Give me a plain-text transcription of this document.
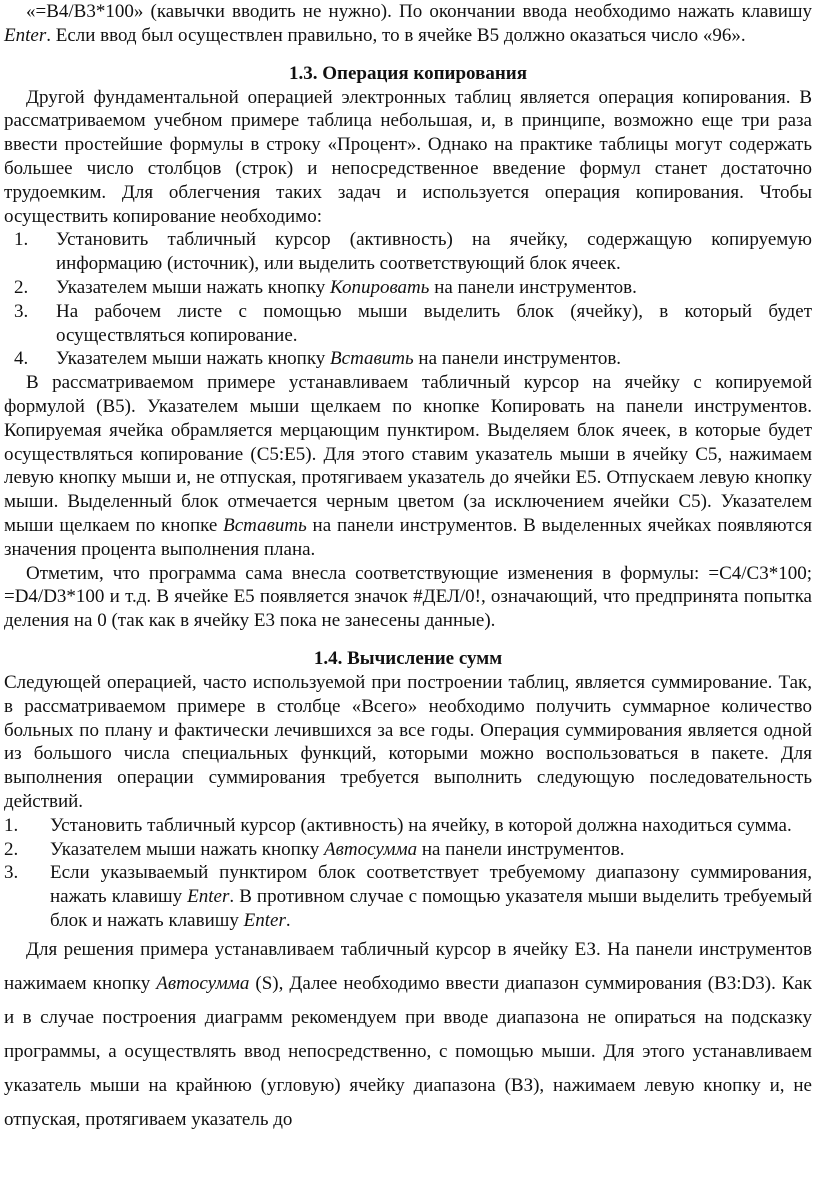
«=B4/B3*100» (кавычки вводить не нужно). По окончании ввода необходимо нажать клавишу Enter. Если ввод был осуществлен правильно, то в ячейке B5 должно оказаться число «96».

1.3. Операция копирования

Другой фундаментальной операцией электронных таблиц является операция копирования. В рассматриваемом учебном примере таблица небольшая, и, в принципе, возможно еще три раза ввести простейшие формулы в строку «Процент». Однако на практике таблицы могут содержать большее число столбцов (строк) и непосредственное введение формул станет достаточно трудоемким. Для облегчения таких задач и используется операция копирования. Чтобы осуществить копирование необходимо:

1. Установить табличный курсор (активность) на ячейку, содержащую копируемую информацию (источник), или выделить соответствующий блок ячеек.
2. Указателем мыши нажать кнопку Копировать на панели инструментов.
3. На рабочем листе с помощью мыши выделить блок (ячейку), в который будет осуществляться копирование.
4. Указателем мыши нажать кнопку Вставить на панели инструментов.

В рассматриваемом примере устанавливаем табличный курсор на ячейку с копируемой формулой (B5). Указателем мыши щелкаем по кнопке Копировать на панели инструментов. Копируемая ячейка обрамляется мерцающим пунктиром. Выделяем блок ячеек, в которые будет осуществляться копирование (C5:E5). Для этого ставим указатель мыши в ячейку C5, нажимаем левую кнопку мыши и, не отпуская, протягиваем указатель до ячейки E5. Отпускаем левую кнопку мыши. Выделенный блок отмечается черным цветом (за исключением ячейки C5). Указателем мыши щелкаем по кнопке Вставить на панели инструментов. В выделенных ячейках появляются значения процента выполнения плана.

Отметим, что программа сама внесла соответствующие изменения в формулы: =C4/C3*100; =D4/D3*100 и т.д. В ячейке E5 появляется значок #ДЕЛ/0!, означающий, что предпринята попытка деления на 0 (так как в ячейку E3 пока не занесены данные).

1.4. Вычисление сумм

Следующей операцией, часто используемой при построении таблиц, является суммирование. Так, в рассматриваемом примере в столбце «Всего» необходимо получить суммарное количество больных по плану и фактически лечившихся за все годы. Операция суммирования является одной из большого числа специальных функций, которыми можно воспользоваться в пакете. Для выполнения операции суммирования требуется выполнить следующую последовательность действий.

1. Установить табличный курсор (активность) на ячейку, в которой должна находиться сумма.
2. Указателем мыши нажать кнопку Автосумма на панели инструментов.
3. Если указываемый пунктиром блок соответствует требуемому диапазону суммирования, нажать клавишу Enter. В противном случае с помощью указателя мыши выделить требуемый блок и нажать клавишу Enter.

Для решения примера устанавливаем табличный курсор в ячейку ЕЗ. На панели инструментов нажимаем кнопку Автосумма (S), Далее необходимо ввести диапазон суммирования (B3:D3). Как и в случае построения диаграмм рекомендуем при вводе диапазона не опираться на подсказку программы, а осуществлять ввод непосредственно, с помощью мыши. Для этого устанавливаем указатель мыши на крайнюю (угловую) ячейку диапазона (ВЗ), нажимаем левую кнопку и, не отпуская, протягиваем указатель до
